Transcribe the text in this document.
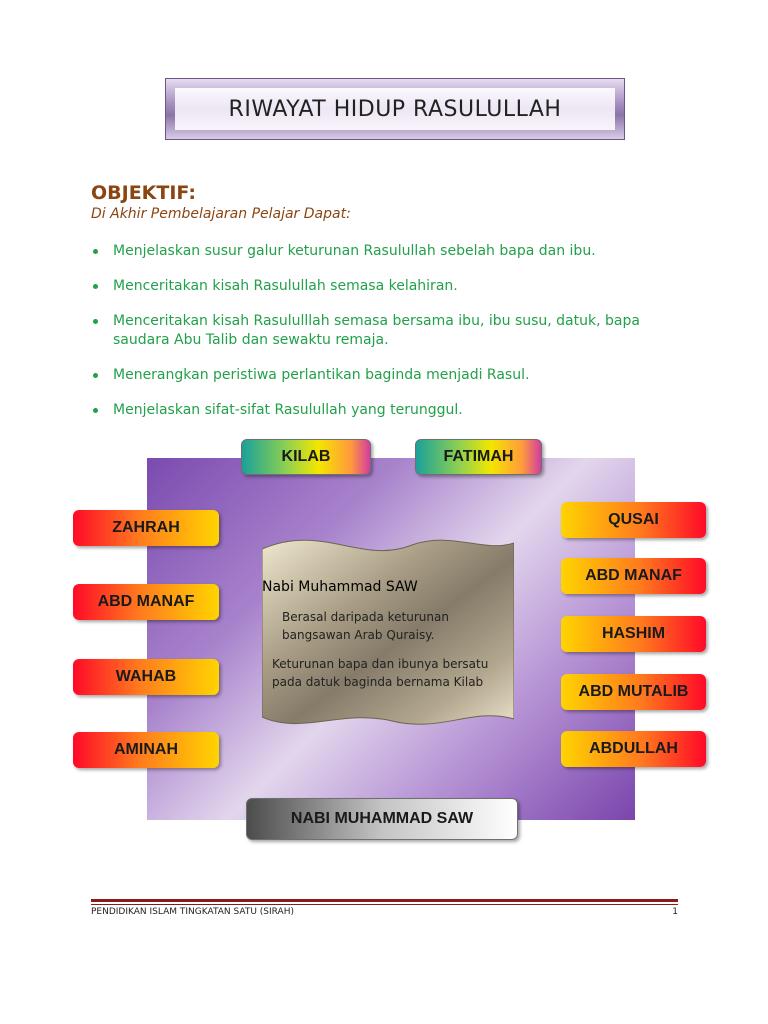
RIWAYAT HIDUP RASULULLAH
OBJEKTIF:
Di Akhir Pembelajaran Pelajar Dapat:
Menjelaskan susur galur keturunan Rasulullah sebelah bapa dan ibu.
Menceritakan kisah Rasulullah semasa kelahiran.
Menceritakan kisah Rasululllah semasa bersama ibu, ibu susu, datuk, bapa saudara Abu Talib dan sewaktu remaja.
Menerangkan peristiwa perlantikan baginda menjadi Rasul.
Menjelaskan sifat-sifat Rasulullah yang terunggul.
KILAB	FATIMAH
ZAHRAH
ABD MANAF
WAHAB
AMINAH
QUSAI
ABD MANAF
HASHIM
ABD MUTALIB
ABDULLAH
Nabi Muhammad SAW
Berasal daripada keturunan bangsawan Arab Quraisy.
Keturunan bapa dan ibunya bersatu pada datuk baginda bernama Kilab
NABI MUHAMMAD SAW
PENDIDIKAN ISLAM TINGKATAN SATU (SIRAH)	1
